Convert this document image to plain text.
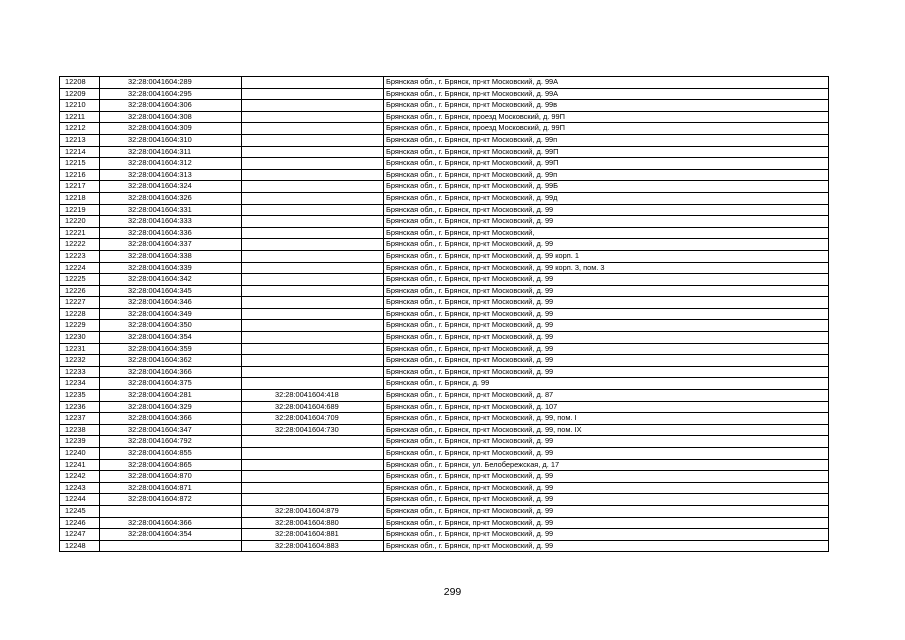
12208	32:28:0041604:289		Брянская обл., г. Брянск, пр-кт Московский, д. 99А
12209	32:28:0041604:295		Брянская обл., г. Брянск, пр-кт Московский, д. 99А
12210	32:28:0041604:306		Брянская обл., г. Брянск, пр-кт Московский, д. 99в
12211	32:28:0041604:308		Брянская обл., г. Брянск, проезд Московский, д. 99П
12212	32:28:0041604:309		Брянская обл., г. Брянск, проезд Московский, д. 99П
12213	32:28:0041604:310		Брянская обл., г. Брянск, пр-кт Московский, д. 99п
12214	32:28:0041604:311		Брянская обл., г. Брянск, пр-кт Московский, д. 99П
12215	32:28:0041604:312		Брянская обл., г. Брянск, пр-кт Московский, д. 99П
12216	32:28:0041604:313		Брянская обл., г. Брянск, пр-кт Московский, д. 99п
12217	32:28:0041604:324		Брянская обл., г. Брянск, пр-кт Московский, д. 99Б
12218	32:28:0041604:326		Брянская обл., г. Брянск, пр-кт Московский, д. 99д
12219	32:28:0041604:331		Брянская обл., г. Брянск, пр-кт Московский, д. 99
12220	32:28:0041604:333		Брянская обл., г. Брянск, пр-кт Московский, д. 99
12221	32:28:0041604:336		Брянская обл., г. Брянск, пр-кт Московский,
12222	32:28:0041604:337		Брянская обл., г. Брянск, пр-кт Московский, д. 99
12223	32:28:0041604:338		Брянская обл., г. Брянск, пр-кт Московский, д. 99 корп. 1
12224	32:28:0041604:339		Брянская обл., г. Брянск, пр-кт Московский, д. 99 корп. 3, пом. 3
12225	32:28:0041604:342		Брянская обл., г. Брянск, пр-кт Московский, д. 99
12226	32:28:0041604:345		Брянская обл., г. Брянск, пр-кт Московский, д. 99
12227	32:28:0041604:346		Брянская обл., г. Брянск, пр-кт Московский, д. 99
12228	32:28:0041604:349		Брянская обл., г. Брянск, пр-кт Московский, д. 99
12229	32:28:0041604:350		Брянская обл., г. Брянск, пр-кт Московский, д. 99
12230	32:28:0041604:354		Брянская обл., г. Брянск, пр-кт Московский, д. 99
12231	32:28:0041604:359		Брянская обл., г. Брянск, пр-кт Московский, д. 99
12232	32:28:0041604:362		Брянская обл., г. Брянск, пр-кт Московский, д. 99
12233	32:28:0041604:366		Брянская обл., г. Брянск, пр-кт Московский, д. 99
12234	32:28:0041604:375		Брянская обл., г. Брянск, д. 99
12235	32:28:0041604:281	32:28:0041604:418	Брянская обл., г. Брянск, пр-кт Московский, д. 87
12236	32:28:0041604:329	32:28:0041604:689	Брянская обл., г. Брянск, пр-кт Московский, д. 107
12237	32:28:0041604:366	32:28:0041604:709	Брянская обл., г. Брянск, пр-кт Московский, д. 99, пом. I
12238	32:28:0041604:347	32:28:0041604:730	Брянская обл., г. Брянск, пр-кт Московский, д. 99, пом. IX
12239	32:28:0041604:792		Брянская обл., г. Брянск, пр-кт Московский, д. 99
12240	32:28:0041604:855		Брянская обл., г. Брянск, пр-кт Московский, д. 99
12241	32:28:0041604:865		Брянская обл., г. Брянск, ул. Белобережская, д. 17
12242	32:28:0041604:870		Брянская обл., г. Брянск, пр-кт Московский, д. 99
12243	32:28:0041604:871		Брянская обл., г. Брянск, пр-кт Московский, д. 99
12244	32:28:0041604:872		Брянская обл., г. Брянск, пр-кт Московский, д. 99
12245		32:28:0041604:879	Брянская обл., г. Брянск, пр-кт Московский, д. 99
12246	32:28:0041604:366	32:28:0041604:880	Брянская обл., г. Брянск, пр-кт Московский, д. 99
12247	32:28:0041604:354	32:28:0041604:881	Брянская обл., г. Брянск, пр-кт Московский, д. 99
12248		32:28:0041604:883	Брянская обл., г. Брянск, пр-кт Московский, д. 99
299
